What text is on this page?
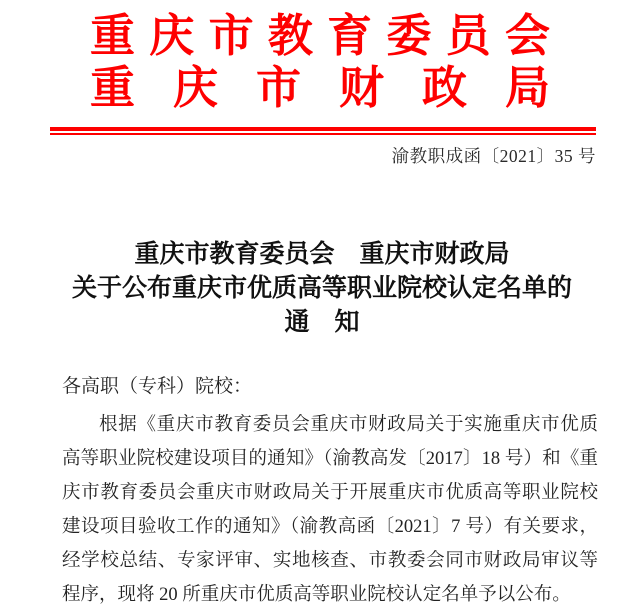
重庆市教育委员会
重庆市财政局
渝教职成函〔2021〕35 号
重庆市教育委员会　重庆市财政局
关于公布重庆市优质高等职业院校认定名单的
通　知
各高职（专科）院校：
根据《重庆市教育委员会重庆市财政局关于实施重庆市优质
高等职业院校建设项目的通知》（渝教高发〔2017〕18 号）和《重
庆市教育委员会重庆市财政局关于开展重庆市优质高等职业院校
建设项目验收工作的通知》（渝教高函〔2021〕7 号）有关要求，
经学校总结、专家评审、实地核查、市教委会同市财政局审议等
程序，现将 20 所重庆市优质高等职业院校认定名单予以公布。
